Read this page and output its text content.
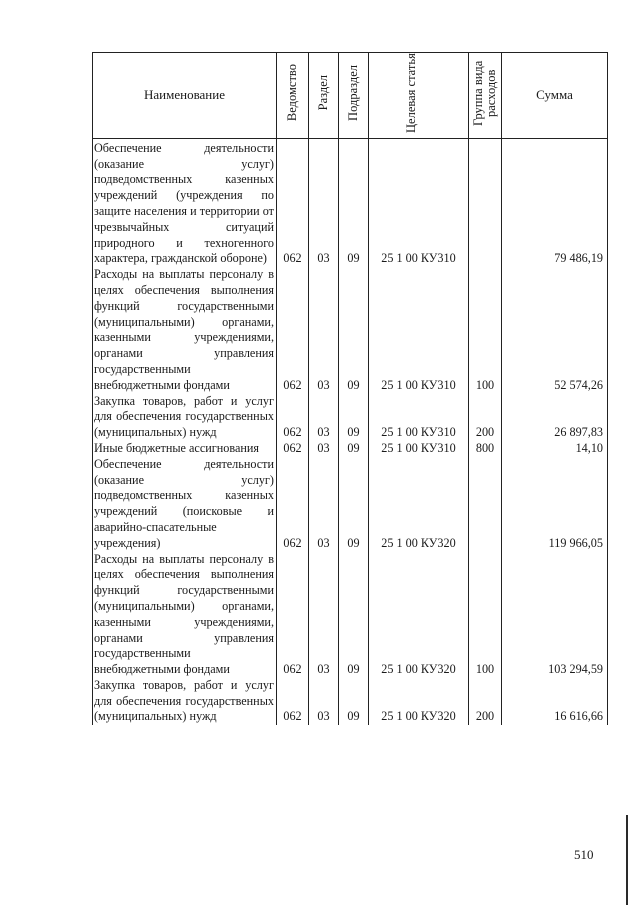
Наименование	Ведомство	Раздел	Подраздел	Целевая статья	Группа вида расходов	Сумма
Обеспечение деятельности (оказание услуг) подведомственных казенных учреждений (учреждения по защите населения и территории от чрезвычайных ситуаций природного и техногенного характера, гражданской обороне)	062	03	09	25 1 00 КУ310		79 486,19
Расходы на выплаты персоналу в целях обеспечения выполнения функций государственными (муниципальными) органами, казенными учреждениями, органами управления государственными внебюджетными фондами	062	03	09	25 1 00 КУ310	100	52 574,26
Закупка товаров, работ и услуг для обеспечения государственных (муниципальных) нужд	062	03	09	25 1 00 КУ310	200	26 897,83
Иные бюджетные ассигнования	062	03	09	25 1 00 КУ310	800	14,10
Обеспечение деятельности (оказание услуг) подведомственных казенных учреждений (поисковые и аварийно-спасательные учреждения)	062	03	09	25 1 00 КУ320		119 966,05
Расходы на выплаты персоналу в целях обеспечения выполнения функций государственными (муниципальными) органами, казенными учреждениями, органами управления государственными внебюджетными фондами	062	03	09	25 1 00 КУ320	100	103 294,59
Закупка товаров, работ и услуг для обеспечения государственных (муниципальных) нужд	062	03	09	25 1 00 КУ320	200	16 616,66
510
